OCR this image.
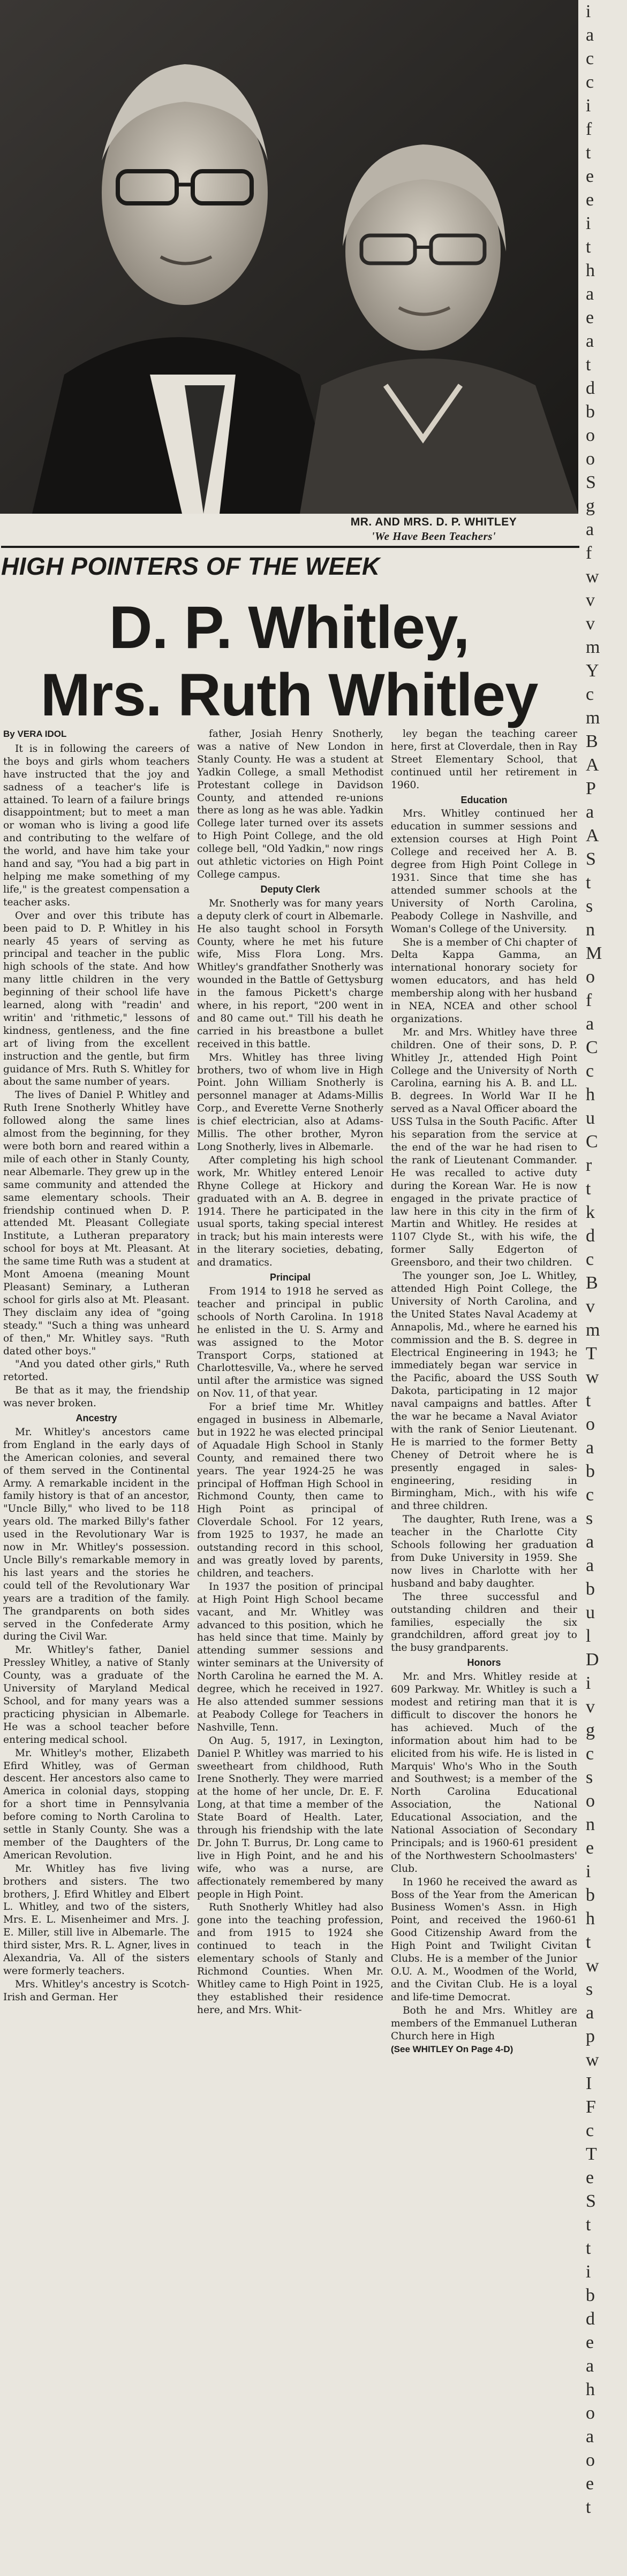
i
a
c
c
i
f
t
e
e
i
t
h
a
e
a
t
d
b
o
o
S
g
a
f
w
v
v
m
Y
c
m
B
A
P
a
A
S
t
s
n
M
o
f
a
C
c
h
u
C
r
t
k
d
c
B
v
m
T
w
t
o
a
b
c
s
a
a
b
u
l
D
i
v
g
c
s
o
n
e
i
b
h
t
w
s
a
p
w
I
F
c
T
e
S
t
t
i
b
d
e
a
h
o
a
o
e
t
MR. AND MRS. D. P. WHITLEY
'We Have Been Teachers'
HIGH POINTERS OF THE WEEK
D. P. Whitley,
Mrs. Ruth Whitley

By VERA IDOL

It is in following the careers of the boys and girls whom teachers have instructed that the joy and sadness of a teacher's life is attained. To learn of a failure brings disappointment; but to meet a man or woman who is living a good life and contributing to the welfare of the world, and have him take your hand and say, "You had a big part in helping me make something of my life," is the greatest compensation a teacher asks.

Over and over this tribute has been paid to D. P. Whitley in his nearly 45 years of serving as principal and teacher in the public high schools of the state. And how many little children in the very beginning of their school life have learned, along with "readin' and writin' and 'rithmetic," lessons of kindness, gentleness, and the fine art of living from the excellent instruction and the gentle, but firm guidance of Mrs. Ruth S. Whitley for about the same number of years.

The lives of Daniel P. Whitley and Ruth Irene Snotherly Whitley have followed along the same lines almost from the beginning, for they were both born and reared within a mile of each other in Stanly County, near Albemarle. They grew up in the same community and attended the same elementary schools. Their friendship continued when D. P. attended Mt. Pleasant Collegiate Institute, a Lutheran preparatory school for boys at Mt. Pleasant. At the same time Ruth was a student at Mont Amoena (meaning Mount Pleasant) Seminary, a Lutheran school for girls also at Mt. Pleasant. They disclaim any idea of "going steady." "Such a thing was unheard of then," Mr. Whitley says. "Ruth dated other boys."

"And you dated other girls," Ruth retorted.

Be that as it may, the friendship was never broken.

Ancestry

Mr. Whitley's ancestors came from England in the early days of the American colonies, and several of them served in the Continental Army. A remarkable incident in the family history is that of an ancestor, "Uncle Billy," who lived to be 118 years old. The marked Billy's father used in the Revolutionary War is now in Mr. Whitley's possession. Uncle Billy's remarkable memory in his last years and the stories he could tell of the Revolutionary War years are a tradition of the family. The grandparents on both sides served in the Confederate Army during the Civil War.

Mr. Whitley's father, Daniel Pressley Whitley, a native of Stanly County, was a graduate of the University of Maryland Medical School, and for many years was a practicing physician in Albemarle. He was a school teacher before entering medical school.

Mr. Whitley's mother, Elizabeth Efird Whitley, was of German descent. Her ancestors also came to America in colonial days, stopping for a short time in Pennsylvania before coming to North Carolina to settle in Stanly County. She was a member of the Daughters of the American Revolution.

Mr. Whitley has five living brothers and sisters. The two brothers, J. Efird Whitley and Elbert L. Whitley, and two of the sisters, Mrs. E. L. Misenheimer and Mrs. J. E. Miller, still live in Albemarle. The third sister, Mrs. R. L. Agner, lives in Alexandria, Va. All of the sisters were formerly teachers.

Mrs. Whitley's ancestry is Scotch-Irish and German. Her

father, Josiah Henry Snotherly, was a native of New London in Stanly County. He was a student at Yadkin College, a small Methodist Protestant college in Davidson County, and attended re-unions there as long as he was able. Yadkin College later turned over its assets to High Point College, and the old college bell, "Old Yadkin," now rings out athletic victories on High Point College campus.

Deputy Clerk

Mr. Snotherly was for many years a deputy clerk of court in Albemarle. He also taught school in Forsyth County, where he met his future wife, Miss Flora Long. Mrs. Whitley's grandfather Snotherly was wounded in the Battle of Gettysburg in the famous Pickett's charge where, in his report, "200 went in and 80 came out." Till his death he carried in his breastbone a bullet received in this battle.

Mrs. Whitley has three living brothers, two of whom live in High Point. John William Snotherly is personnel manager at Adams-Millis Corp., and Everette Verne Snotherly is chief electrician, also at Adams-Millis. The other brother, Myron Long Snotherly, lives in Albemarle.

After completing his high school work, Mr. Whitley entered Lenoir Rhyne College at Hickory and graduated with an A. B. degree in 1914. There he participated in the usual sports, taking special interest in track; but his main interests were in the literary societies, debating, and dramatics.

Principal

From 1914 to 1918 he served as teacher and principal in public schools of North Carolina. In 1918 he enlisted in the U. S. Army and was assigned to the Motor Transport Corps, stationed at Charlottesville, Va., where he served until after the armistice was signed on Nov. 11, of that year.

For a brief time Mr. Whitley engaged in business in Albemarle, but in 1922 he was elected principal of Aquadale High School in Stanly County, and remained there two years. The year 1924-25 he was principal of Hoffman High School in Richmond County, then came to High Point as principal of Cloverdale School. For 12 years, from 1925 to 1937, he made an outstanding record in this school, and was greatly loved by parents, children, and teachers.

In 1937 the position of principal at High Point High School became vacant, and Mr. Whitley was advanced to this position, which he has held since that time. Mainly by attending summer sessions and winter seminars at the University of North Carolina he earned the M. A. degree, which he received in 1927. He also attended summer sessions at Peabody College for Teachers in Nashville, Tenn.

On Aug. 5, 1917, in Lexington, Daniel P. Whitley was married to his sweetheart from childhood, Ruth Irene Snotherly. They were married at the home of her uncle, Dr. E. F. Long, at that time a member of the State Board of Health. Later, through his friendship with the late Dr. John T. Burrus, Dr. Long came to live in High Point, and he and his wife, who was a nurse, are affectionately remembered by many people in High Point.

Ruth Snotherly Whitley had also gone into the teaching profession, and from 1915 to 1924 she continued to teach in the elementary schools of Stanly and Richmond Counties. When Mr. Whitley came to High Point in 1925, they established their residence here, and Mrs. Whit-

ley began the teaching career here, first at Cloverdale, then in Ray Street Elementary School, that continued until her retirement in 1960.

Education

Mrs. Whitley continued her education in summer sessions and extension courses at High Point College and received her A. B. degree from High Point College in 1931. Since that time she has attended summer schools at the University of North Carolina, Peabody College in Nashville, and Woman's College of the University.

She is a member of Chi chapter of Delta Kappa Gamma, an international honorary society for women educators, and has held membership along with her husband in NEA, NCEA and other school organizations.

Mr. and Mrs. Whitley have three children. One of their sons, D. P. Whitley Jr., attended High Point College and the University of North Carolina, earning his A. B. and LL. B. degrees. In World War II he served as a Naval Officer aboard the USS Tulsa in the South Pacific. After his separation from the service at the end of the war he had risen to the rank of Lieutenant Commander. He was recalled to active duty during the Korean War. He is now engaged in the private practice of law here in this city in the firm of Martin and Whitley. He resides at 1107 Clyde St., with his wife, the former Sally Edgerton of Greensboro, and their two children.

The younger son, Joe L. Whitley, attended High Point College, the University of North Carolina, and the United States Naval Academy at Annapolis, Md., where he earned his commission and the B. S. degree in Electrical Engineering in 1943; he immediately began war service in the Pacific, aboard the USS South Dakota, participating in 12 major naval campaigns and battles. After the war he became a Naval Aviator with the rank of Senior Lieutenant. He is married to the former Betty Cheney of Detroit where he is presently engaged in sales-engineering, residing in Birmingham, Mich., with his wife and three children.

The daughter, Ruth Irene, was a teacher in the Charlotte City Schools following her graduation from Duke University in 1959. She now lives in Charlotte with her husband and baby daughter.

The three successful and outstanding children and their families, especially the six grandchildren, afford great joy to the busy grandparents.

Honors

Mr. and Mrs. Whitley reside at 609 Parkway. Mr. Whitley is such a modest and retiring man that it is difficult to discover the honors he has achieved. Much of the information about him had to be elicited from his wife. He is listed in Marquis' Who's Who in the South and Southwest; is a member of the North Carolina Educational Association, the National Educational Association, and the National Association of Secondary Principals; and is 1960-61 president of the Northwestern Schoolmasters' Club.

In 1960 he received the award as Boss of the Year from the American Business Women's Assn. in High Point, and received the 1960-61 Good Citizenship Award from the High Point and Twilight Civitan Clubs. He is a member of the Junior O.U. A. M., Woodmen of the World, and the Civitan Club. He is a loyal and life-time Democrat.

Both he and Mrs. Whitley are members of the Emmanuel Lutheran Church here in High

(See WHITLEY On Page 4-D)
